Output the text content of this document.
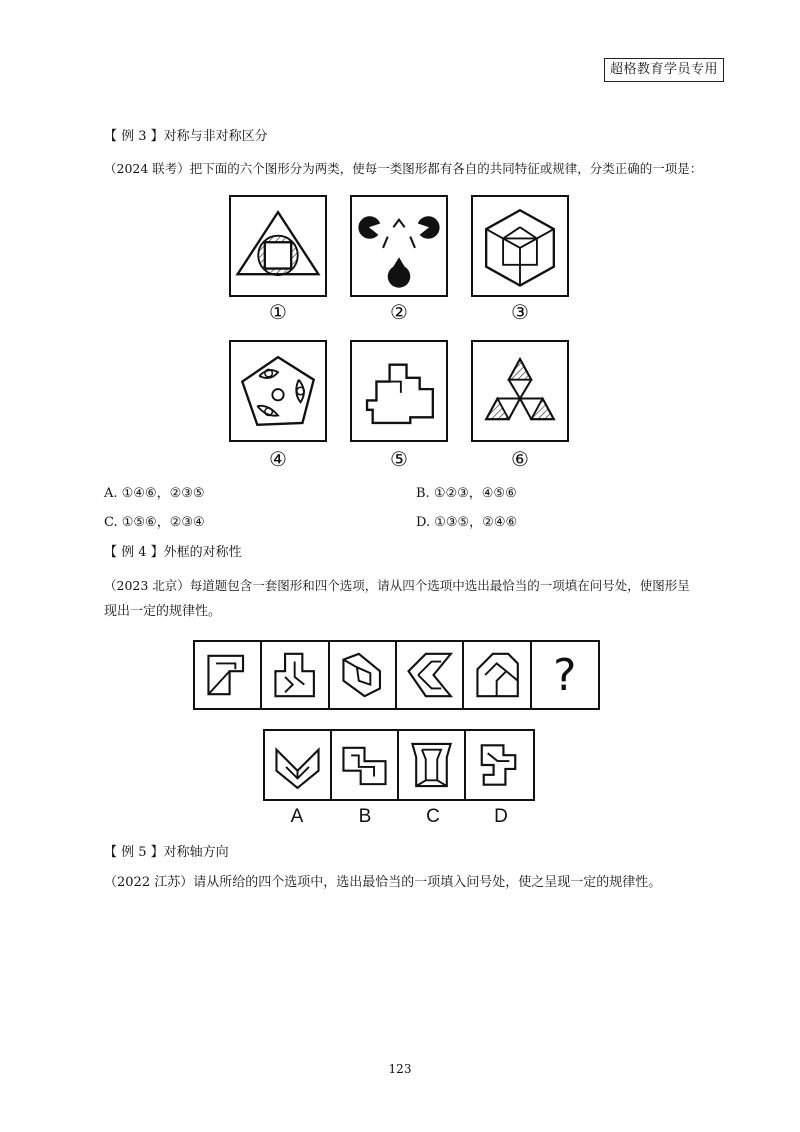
超格教育学员专用
【 例 3 】对称与非对称区分
（2024 联考）把下面的六个图形分为两类，使每一类图形都有各自的共同特征或规律，分类正确的一项是：
①	②	③
④	⑤	⑥
A. ①④⑥，②③⑤	B. ①②③，④⑤⑥
C. ①⑤⑥，②③④	D. ①③⑤，②④⑥
【 例 4 】外框的对称性
（2023 北京）每道题包含一套图形和四个选项，请从四个选项中选出最恰当的一项填在问号处，使图形呈
现出一定的规律性。
?
A	B	C	D
【 例 5 】对称轴方向
（2022 江苏）请从所给的四个选项中，选出最恰当的一项填入问号处，使之呈现一定的规律性。
123
